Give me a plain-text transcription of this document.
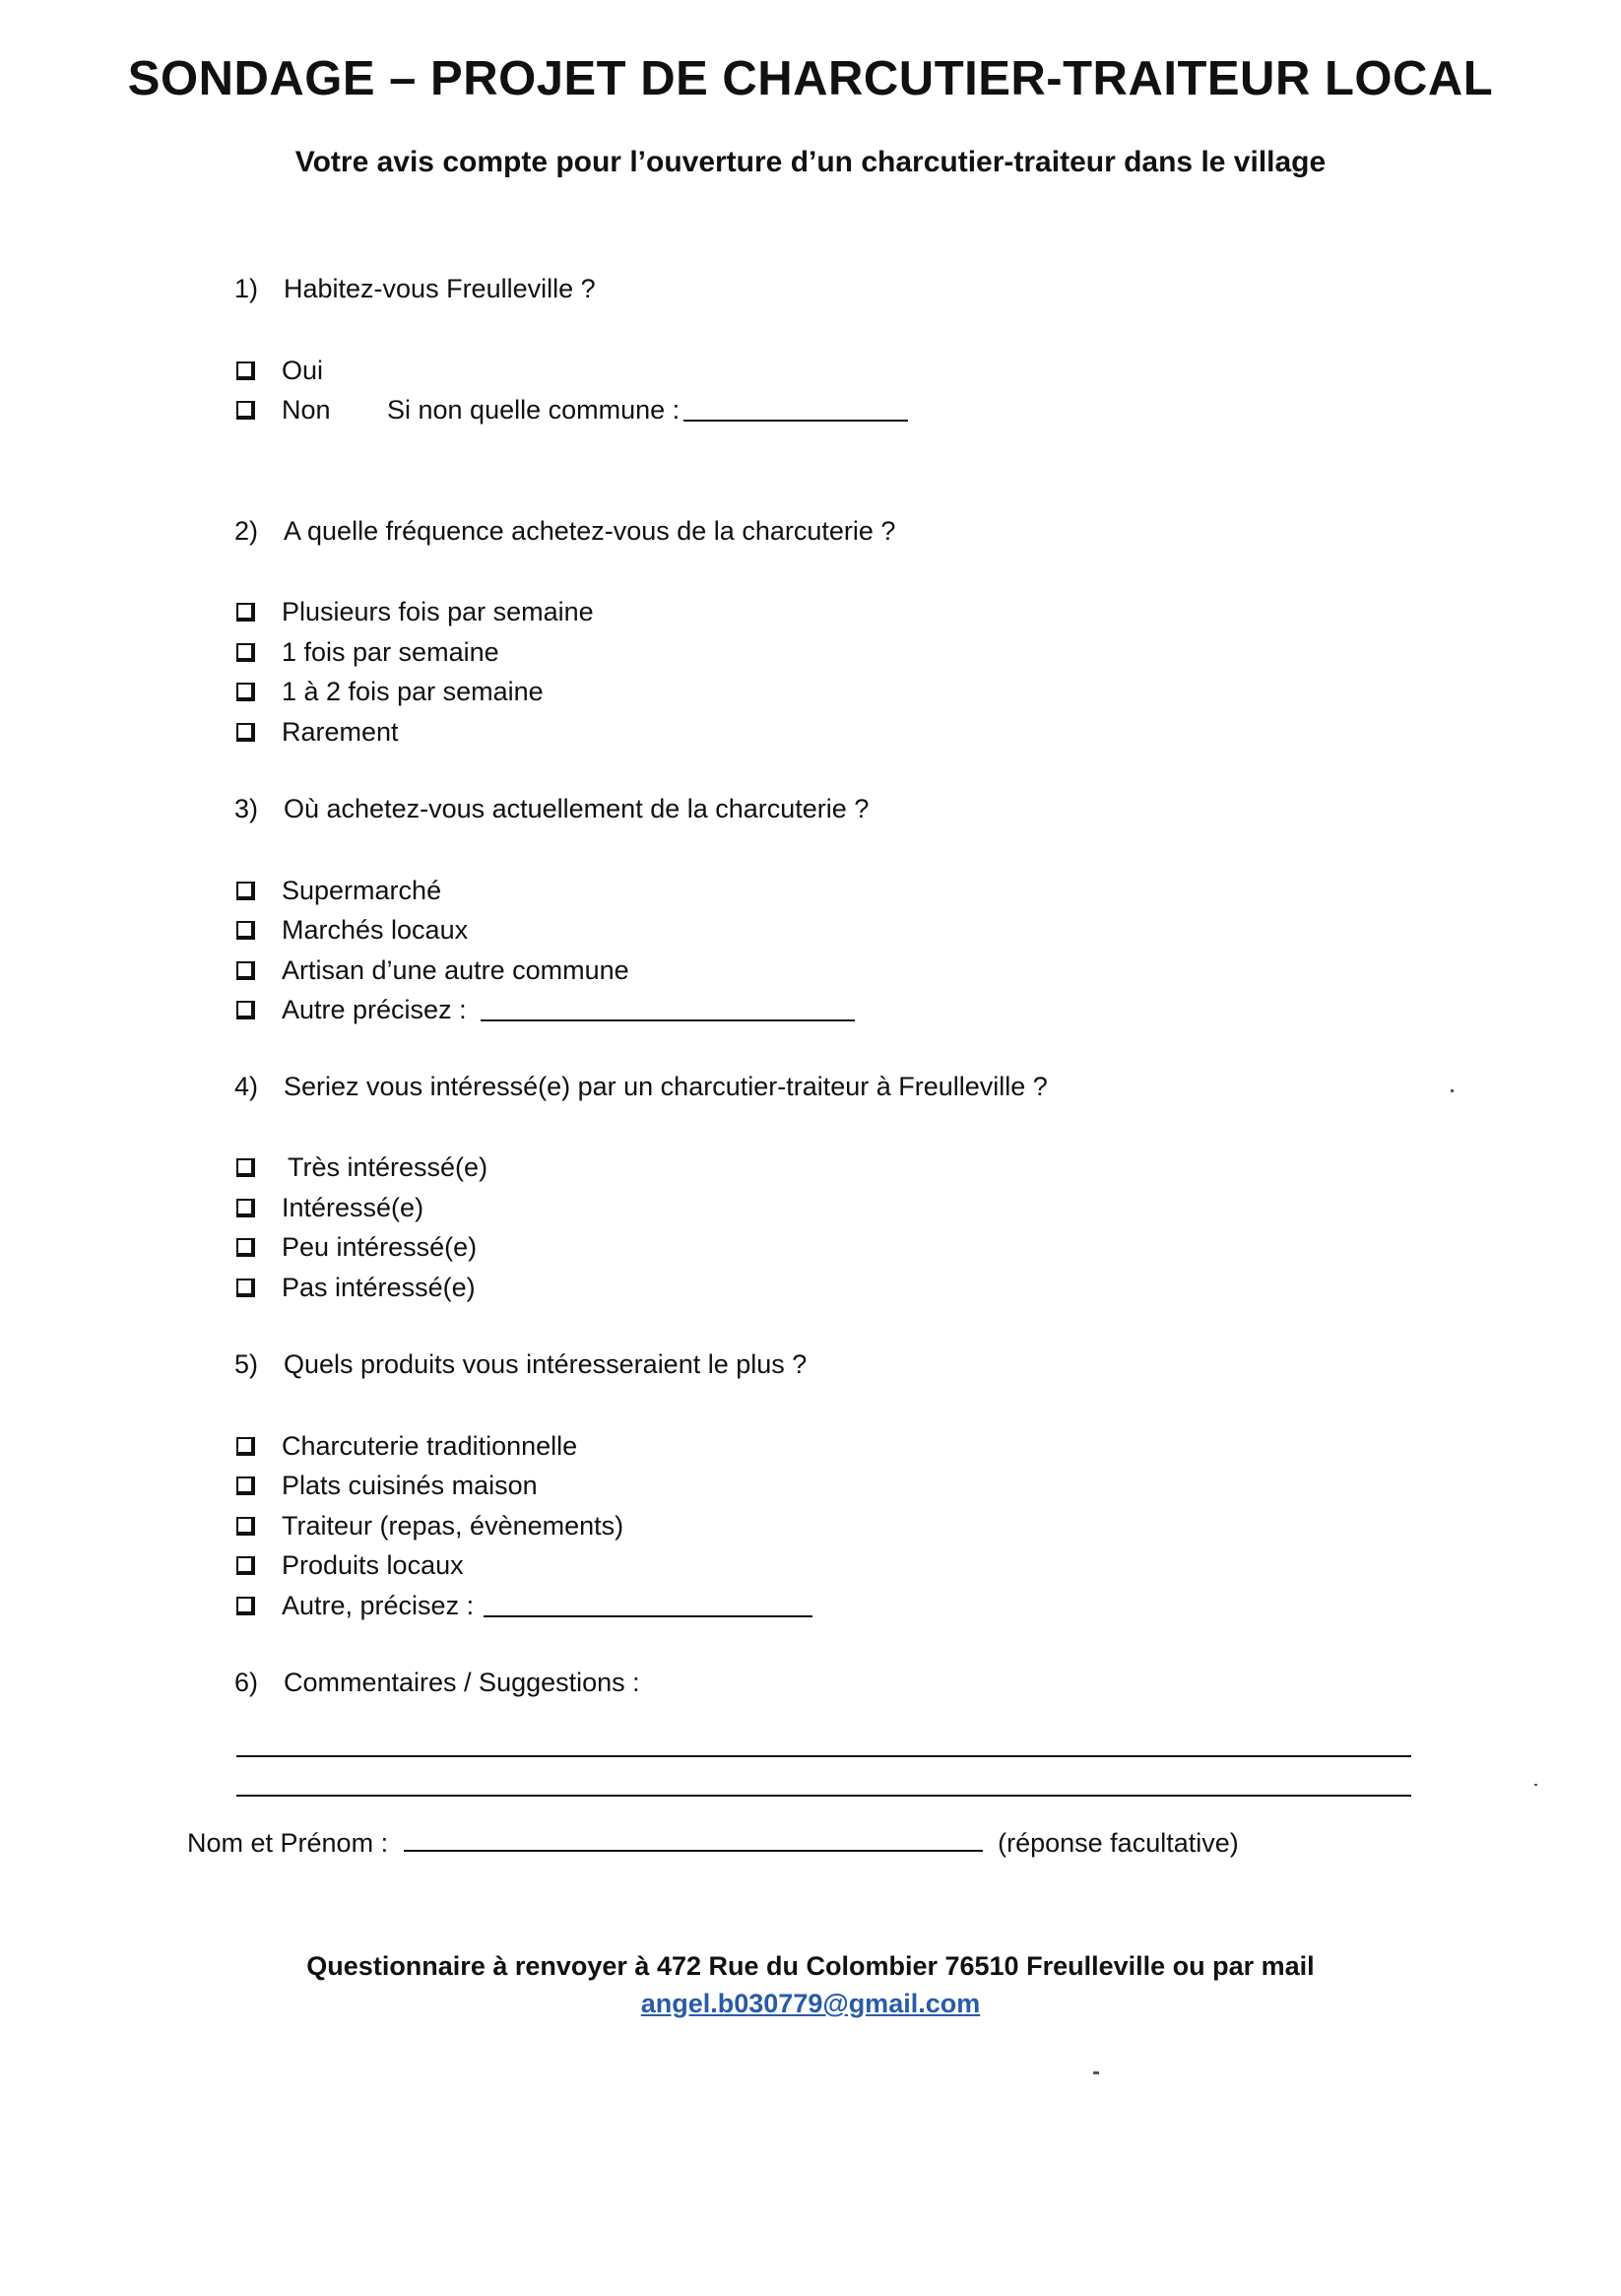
SONDAGE – PROJET DE CHARCUTIER-TRAITEUR LOCAL
Votre avis compte pour l’ouverture d’un charcutier-traiteur dans le village
1) Habitez-vous Freulleville ?
Oui
Non	Si non quelle commune :
2) A quelle fréquence achetez-vous de la charcuterie ?
Plusieurs fois par semaine
1 fois par semaine
1 à 2 fois par semaine
Rarement
3) Où achetez-vous actuellement de la charcuterie ?
Supermarché
Marchés locaux
Artisan d’une autre commune
Autre précisez :
4) Seriez vous intéressé(e) par un charcutier-traiteur à Freulleville ?
Très intéressé(e)
Intéressé(e)
Peu intéressé(e)
Pas intéressé(e)
5) Quels produits vous intéresseraient le plus ?
Charcuterie traditionnelle
Plats cuisinés maison
Traiteur (repas, évènements)
Produits locaux
Autre, précisez :
6) Commentaires / Suggestions :
Nom et Prénom :	(réponse facultative)
Questionnaire à renvoyer à 472 Rue du Colombier 76510 Freulleville ou par mail
angel.b030779@gmail.com
